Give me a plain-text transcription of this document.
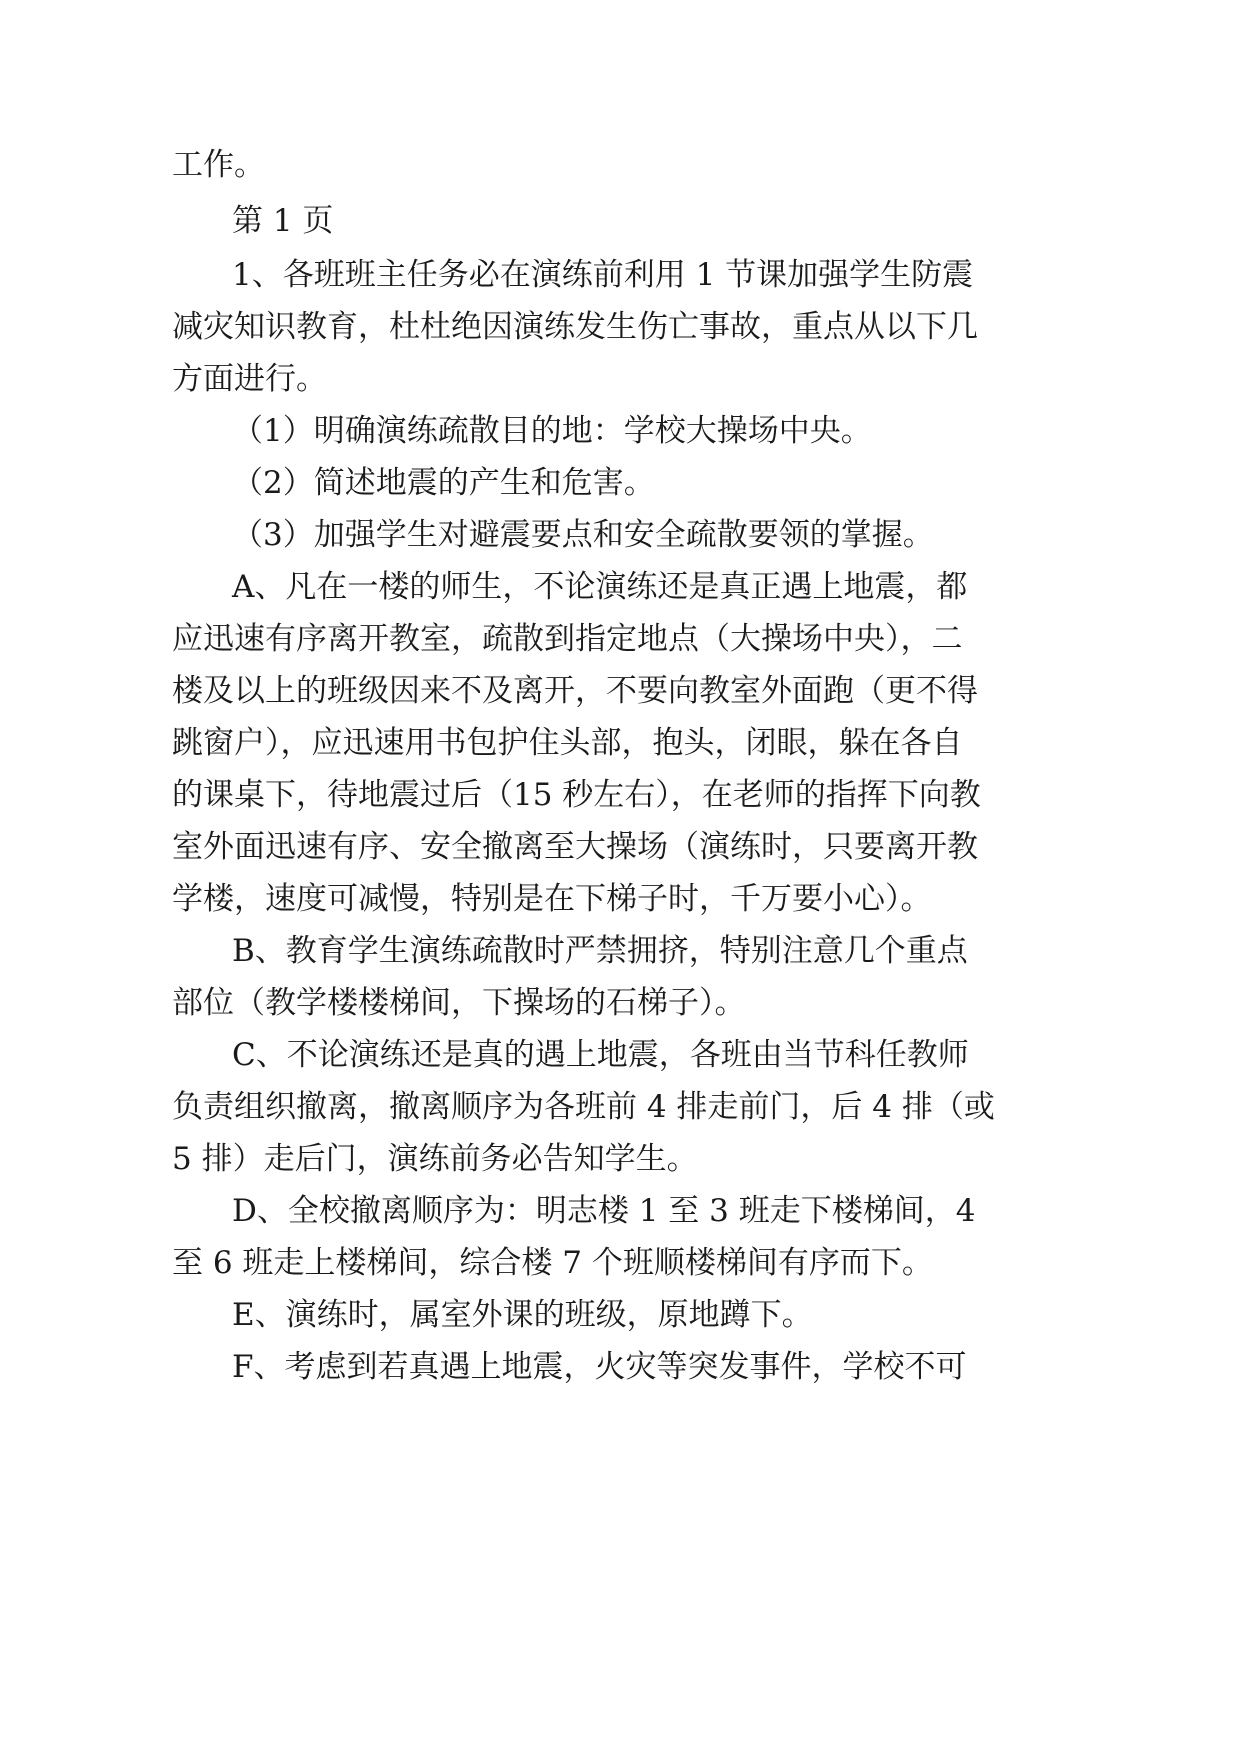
工作。
第 1 页
1、各班班主任务必在演练前利用 1 节课加强学生防震
减灾知识教育，杜杜绝因演练发生伤亡事故，重点从以下几
方面进行。
（1）明确演练疏散目的地：学校大操场中央。
（2）简述地震的产生和危害。
（3）加强学生对避震要点和安全疏散要领的掌握。
A、凡在一楼的师生，不论演练还是真正遇上地震，都
应迅速有序离开教室，疏散到指定地点（大操场中央），二
楼及以上的班级因来不及离开，不要向教室外面跑（更不得
跳窗户），应迅速用书包护住头部，抱头，闭眼，躲在各自
的课桌下，待地震过后（15 秒左右），在老师的指挥下向教
室外面迅速有序、安全撤离至大操场（演练时，只要离开教
学楼，速度可减慢，特别是在下梯子时，千万要小心）。
B、教育学生演练疏散时严禁拥挤，特别注意几个重点
部位（教学楼楼梯间，下操场的石梯子）。
C、不论演练还是真的遇上地震，各班由当节科任教师
负责组织撤离，撤离顺序为各班前 4 排走前门，后 4 排（或
5 排）走后门，演练前务必告知学生。
D、全校撤离顺序为：明志楼 1 至 3 班走下楼梯间，4
至 6 班走上楼梯间，综合楼 7 个班顺楼梯间有序而下。
E、演练时，属室外课的班级，原地蹲下。
F、考虑到若真遇上地震，火灾等突发事件，学校不可
